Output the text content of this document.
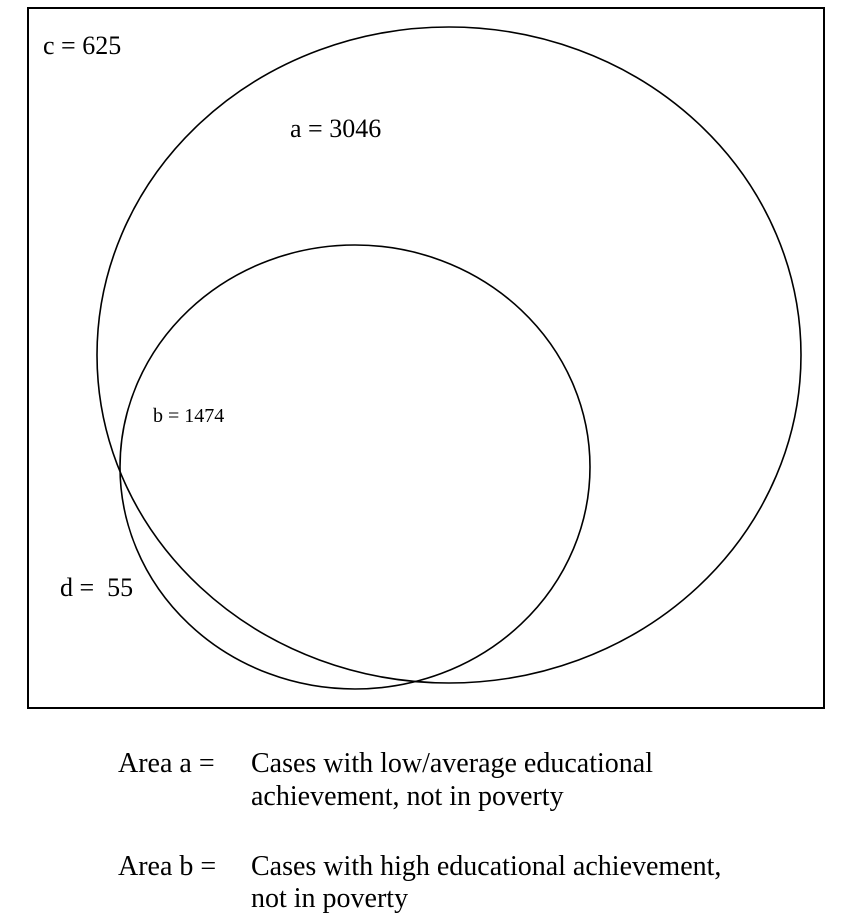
c = 625
a = 3046
b = 1474
d =  55
Area a = Cases with low/average educational
achievement, not in poverty
Area b = Cases with high educational achievement,
not in poverty
